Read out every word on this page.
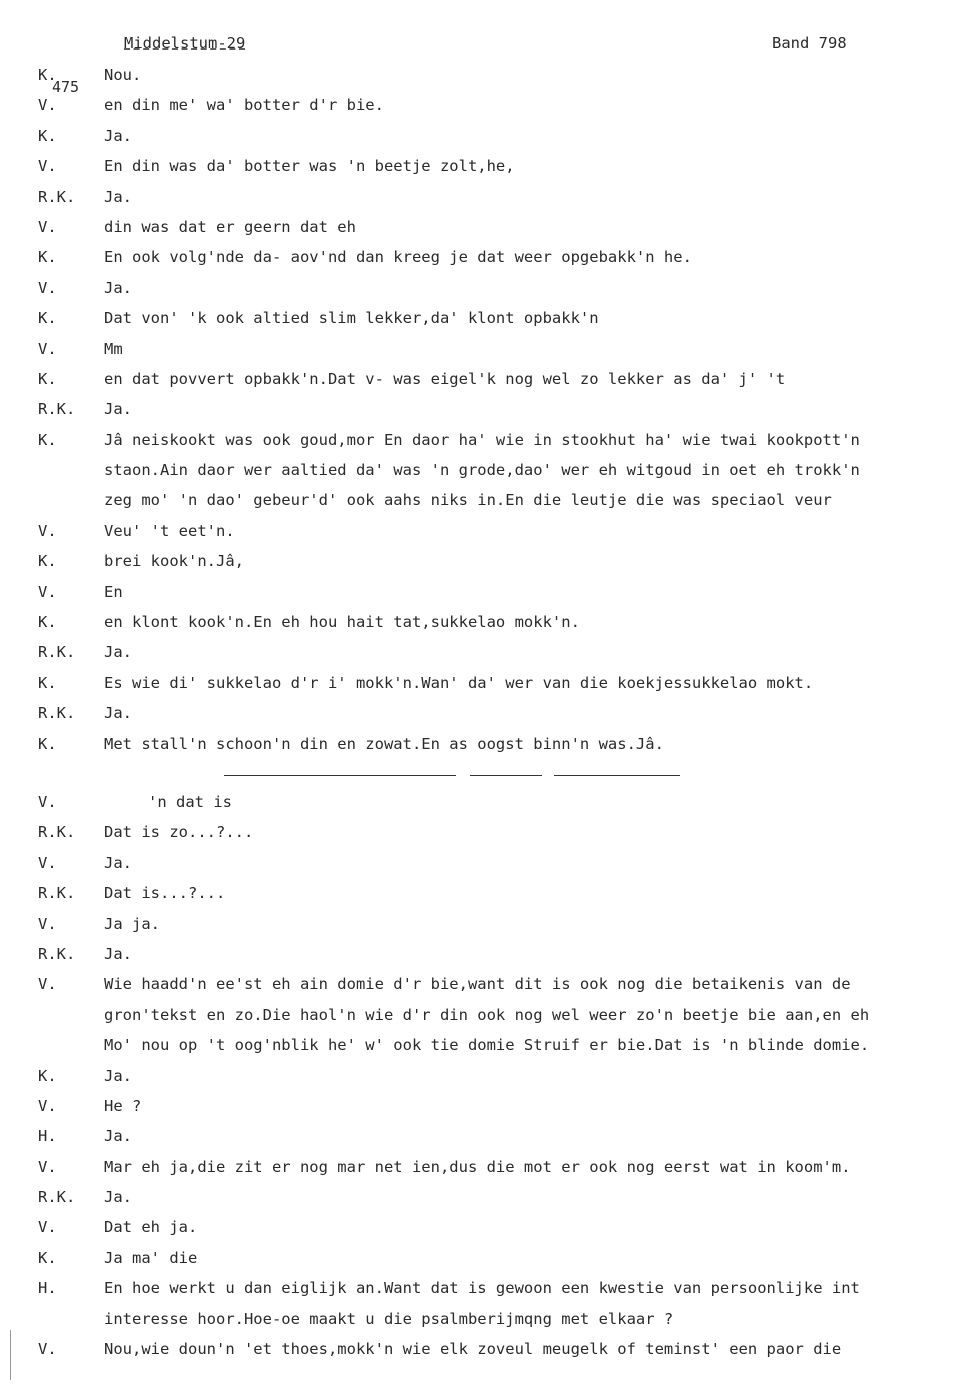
Middelstum-29	Band 798
475
K.	Nou.
V.	en din me' wa' botter d'r bie.
K.	Ja.
V.	En din was da' botter was 'n beetje zolt,he,
R.K. Ja.
V.	din was dat er geern dat eh
K.	En ook volg'nde da- aov'nd dan kreeg je dat weer opgebakk'n he.
V.	Ja.
K.	Dat von' 'k ook altied slim lekker,da' klont opbakk'n
V.	Mm
K.	en dat povvert opbakk'n.Dat v- was eigel'k nog wel zo lekker as da' j' 't
R.K. Ja.
K.	Jâ neiskookt was ook goud,mor En daor ha' wie in stookhut ha' wie twai kookpott'n
staon.Ain daor wer aaltied da' was 'n grode,dao' wer eh witgoud in oet eh trokk'n
zeg mo' 'n dao' gebeur'd' ook aahs niks in.En die leutje die was speciaol veur
V.	Veu' 't eet'n.
K.	brei kook'n.Jâ,
V.	En
K.	en klont kook'n.En eh hou hait tat,sukkelao mokk'n.
R.K. Ja.
K.	Es wie di' sukkelao d'r i' mokk'n.Wan' da' wer van die koekjessukkelao mokt.
R.K. Ja.
K.	Met stall'n schoon'n din en zowat.En as oogst binn'n was.Jâ.
V.	'n dat is
R.K. Dat is zo...?...
V.	Ja.
R.K. Dat is...?...
V.	Ja ja.
R.K. Ja.
V.	Wie haadd'n ee'st eh ain domie d'r bie,want dit is ook nog die betaikenis van de
gron'tekst en zo.Die haol'n wie d'r din ook nog wel weer zo'n beetje bie aan,en eh
Mo' nou op 't oog'nblik he' w' ook tie domie Struif er bie.Dat is 'n blinde domie.
K.	Ja.
V.	He ?
H.	Ja.
V.	Mar eh ja,die zit er nog mar net ien,dus die mot er ook nog eerst wat in koom'm.
R.K. Ja.
V.	Dat eh ja.
K.	Ja ma' die
H.	En hoe werkt u dan eiglijk an.Want dat is gewoon een kwestie van persoonlijke int
interesse hoor.Hoe-oe maakt u die psalmberijmqng met elkaar ?
V.	Nou,wie doun'n 'et thoes,mokk'n wie elk zoveul meugelk of teminst' een paor die
